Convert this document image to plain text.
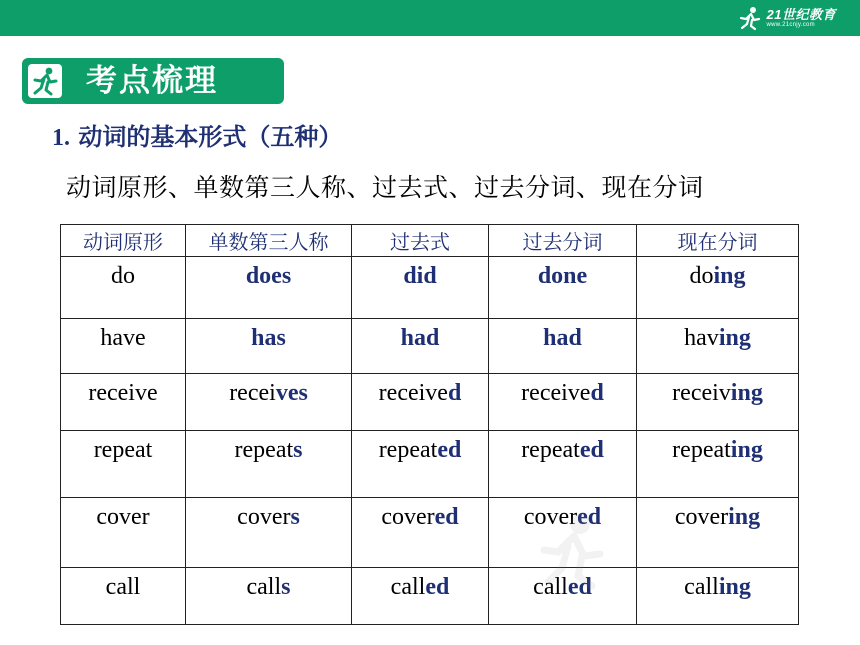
21世纪教育
www.21cnjy.com
考点梳理
1. 动词的基本形式（五种）
动词原形、单数第三人称、过去式、过去分词、现在分词
动词原形	单数第三人称	过去式	过去分词	现在分词
do	does	did	done	doing
have	has	had	had	having
receive	receives	received	received	receiving
repeat	repeats	repeated	repeated	repeating
cover	covers	covered	covered	covering
call	calls	called	called	calling
